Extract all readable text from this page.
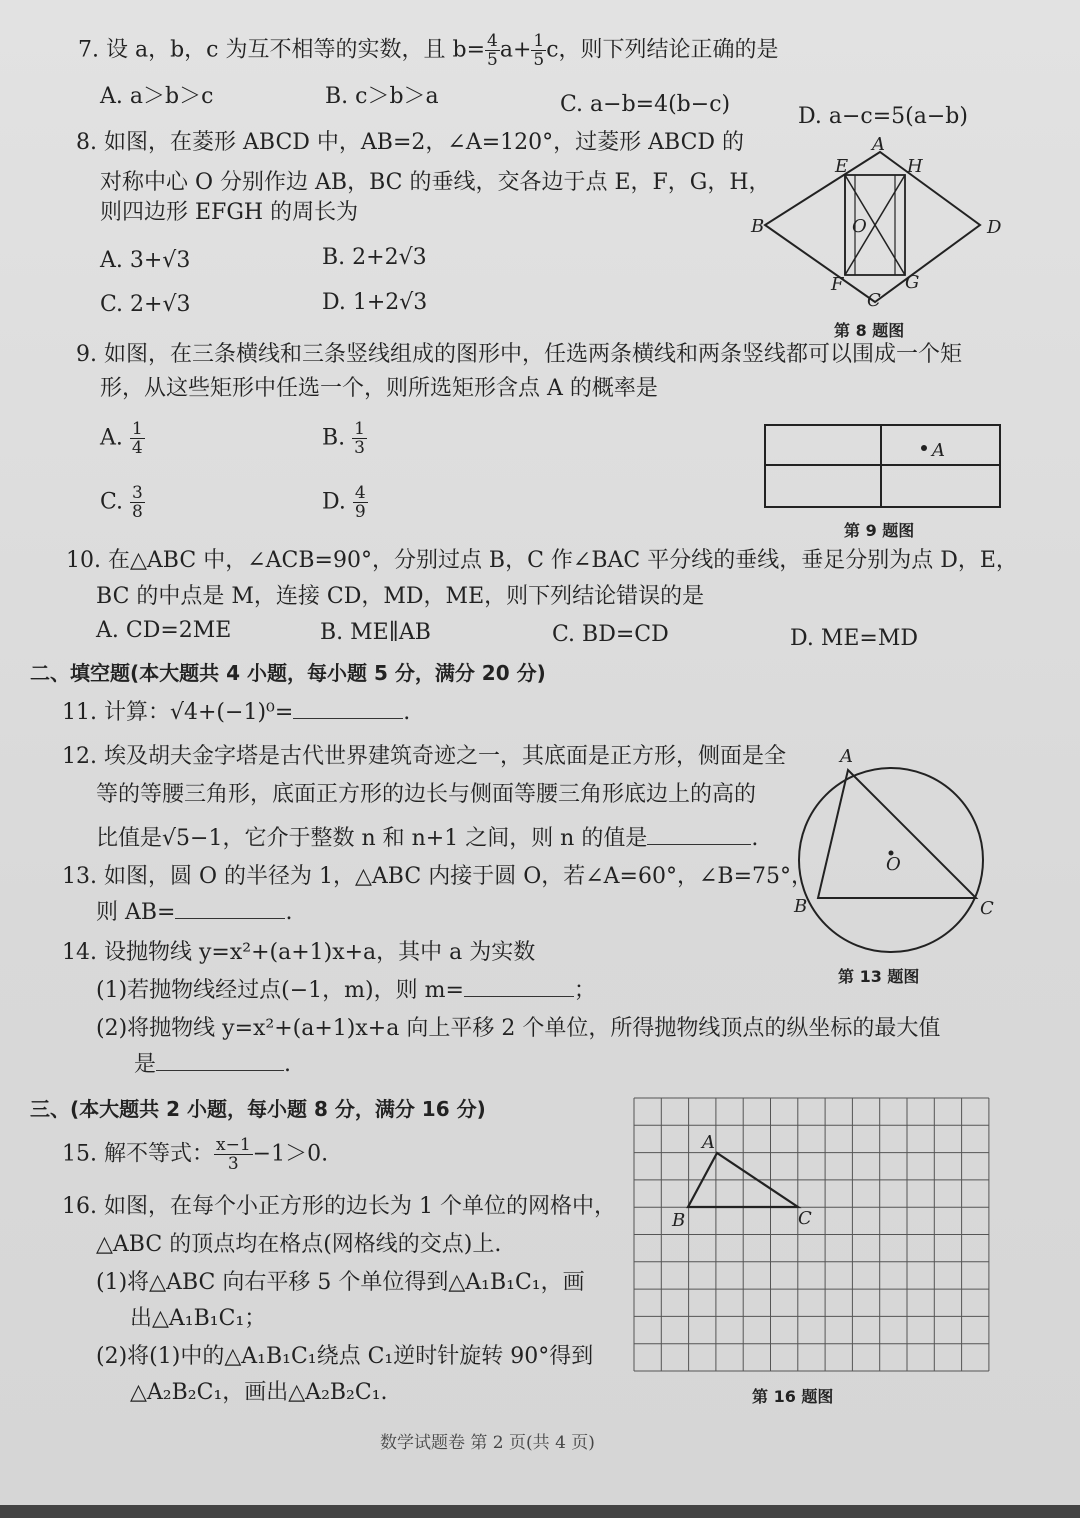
7. 设 a，b，c 为互不相等的实数，且 $b= \frac{4}{5} a+ \frac{1}{5}$ c，则下列结论正确的是
A. a＞b＞c	B. c＞b＞a	C. a−b=4(b−c)	D. a−c=5(a−b)
8. 如图，在菱形 ABCD 中，AB=2，∠A=120°，过菱形 ABCD 的
对称中心 O 分别作边 AB，BC 的垂线，交各边于点 E，F，G，H，
则四边形 EFGH 的周长为
A. 3+√3	B. 2+2√3
C. 2+√3	D. 1+2√3
A
B
C
D
E
F	G
H
O
第 8 题图
9. 如图，在三条横线和三条竖线组成的图形中，任选两条横线和两条竖线都可以围成一个矩
形，从这些矩形中任选一个，则所选矩形含点 A 的概率是
A. $\frac{1}{4}$	B. $\frac{1}{3}$
C. $\frac{3}{8}$	D. $\frac{4}{9}$
A
第 9 题图
10. 在△ABC 中，∠ACB=90°，分别过点 B，C 作∠BAC 平分线的垂线，垂足分别为点 D，E，
BC 的中点是 M，连接 CD，MD，ME，则下列结论错误的是
A. CD=2ME	B. ME∥AB	C. BD=CD	D. ME=MD
二、填空题(本大题共 4 小题，每小题 5 分，满分 20 分)
11. 计算：√4+(−1)⁰=	.
12. 埃及胡夫金字塔是古代世界建筑奇迹之一，其底面是正方形，侧面是全
等的等腰三角形，底面正方形的边长与侧面等腰三角形底边上的高的
比值是√5−1，它介于整数 n 和 n+1 之间，则 n 的值是	.
A
B	C
O
第 13 题图
13. 如图，圆 O 的半径为 1，△ABC 内接于圆 O，若∠A=60°，∠B=75°，
则 AB=	.
14. 设抛物线 y=x²+(a+1)x+a，其中 a 为实数
(1)若抛物线经过点(−1，m)，则 m=	；
(2)将抛物线 y=x²+(a+1)x+a 向上平移 2 个单位，所得抛物线顶点的纵坐标的最大值
是	.
三、(本大题共 2 小题，每小题 8 分，满分 16 分)
15. 解不等式： $\frac{x-1}{3} -1>0$.
16. 如图，在每个小正方形的边长为 1 个单位的网格中，
△ABC 的顶点均在格点(网格线的交点)上.
(1)将△ABC 向右平移 5 个单位得到△A₁B₁C₁，画
出△A₁B₁C₁；
(2)将(1)中的△A₁B₁C₁绕点 C₁逆时针旋转 90°得到
△A₂B₂C₁，画出△A₂B₂C₁.
A
B	C
第 16 题图
数学试题卷 第 2 页(共 4 页)
